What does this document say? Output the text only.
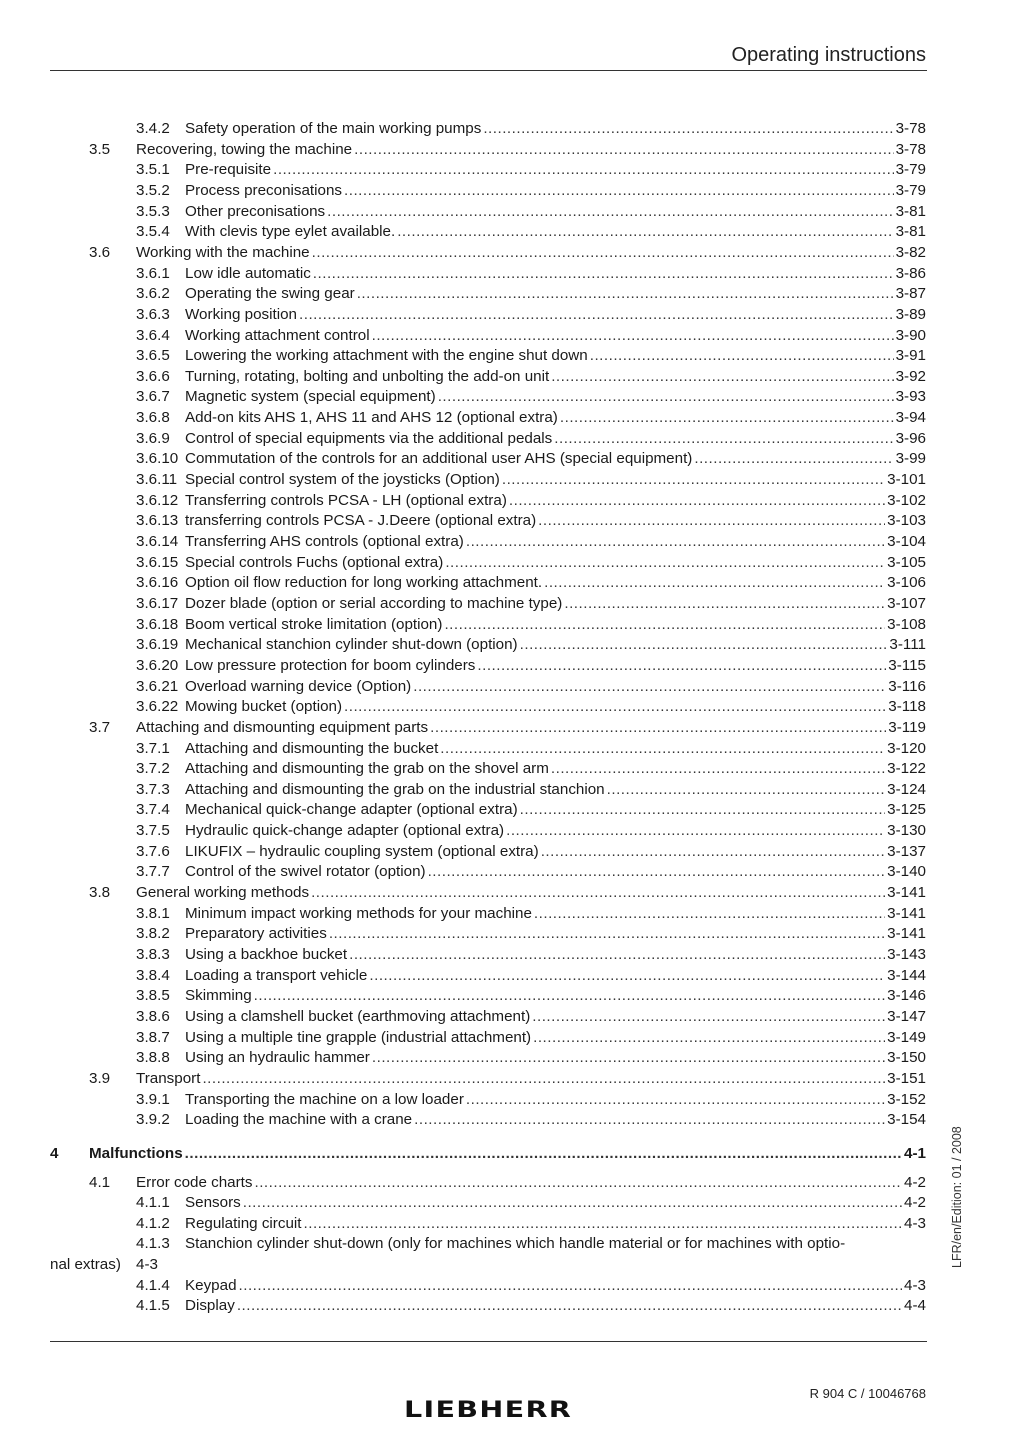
Operating instructions
3.4.2 Safety operation of the main working pumps .....	3-78
3.5 Recovering, towing the machine .....	3-78
3.5.1 Pre-requisite .....	3-79
3.5.2 Process preconisations .....	3-79
3.5.3 Other preconisations .....	3-81
3.5.4 With clevis type eylet available. .....	3-81
3.6 Working with the machine .....	3-82
3.6.1 Low idle automatic .....	3-86
3.6.2 Operating the swing gear .....	3-87
3.6.3 Working position .....	3-89
3.6.4 Working attachment control .....	3-90
3.6.5 Lowering the working attachment with the engine shut down .....	3-91
3.6.6 Turning, rotating, bolting and unbolting the add-on unit .....	3-92
3.6.7 Magnetic system (special equipment) .....	3-93
3.6.8 Add-on kits AHS 1, AHS 11 and AHS 12 (optional extra) .....	3-94
3.6.9 Control of special equipments via the additional pedals .....	3-96
3.6.10 Commutation of the controls for an additional user AHS (special equipment) .....	3-99
3.6.11 Special control system of the joysticks (Option) .....	3-101
3.6.12 Transferring controls PCSA - LH (optional extra) .....	3-102
3.6.13 transferring controls PCSA - J.Deere (optional extra) .....	3-103
3.6.14 Transferring AHS controls (optional extra) .....	3-104
3.6.15 Special controls Fuchs (optional extra) .....	3-105
3.6.16 Option oil flow reduction for long working attachment. .....	3-106
3.6.17 Dozer blade (option or serial according to machine type) .....	3-107
3.6.18 Boom vertical stroke limitation (option) .....	3-108
3.6.19 Mechanical stanchion cylinder shut-down (option) .....	3-111
3.6.20 Low pressure protection for boom cylinders .....	3-115
3.6.21 Overload warning device (Option) .....	3-116
3.6.22 Mowing bucket (option) .....	3-118
3.7 Attaching and dismounting equipment parts .....	3-119
3.7.1 Attaching and dismounting the bucket .....	3-120
3.7.2 Attaching and dismounting the grab on the shovel arm .....	3-122
3.7.3 Attaching and dismounting the grab on the industrial stanchion .....	3-124
3.7.4 Mechanical quick-change adapter (optional extra) .....	3-125
3.7.5 Hydraulic quick-change adapter (optional extra) .....	3-130
3.7.6 LIKUFIX – hydraulic coupling system (optional extra) .....	3-137
3.7.7 Control of the swivel rotator (option) .....	3-140
3.8 General working methods .....	3-141
3.8.1 Minimum impact working methods for your machine .....	3-141
3.8.2 Preparatory activities .....	3-141
3.8.3 Using a backhoe bucket .....	3-143
3.8.4 Loading a transport vehicle .....	3-144
3.8.5 Skimming .....	3-146
3.8.6 Using a clamshell bucket (earthmoving attachment) .....	3-147
3.8.7 Using a multiple tine grapple (industrial attachment) .....	3-149
3.8.8 Using an hydraulic hammer .....	3-150
3.9 Transport .....	3-151
3.9.1 Transporting the machine on a low loader .....	3-152
3.9.2 Loading the machine with a crane .....	3-154
4 Malfunctions .....	4-1
4.1 Error code charts .....	4-2
4.1.1 Sensors .....	4-2
4.1.2 Regulating circuit .....	4-3
4.1.3 Stanchion cylinder shut-down (only for machines which handle material or for machines with optio-
nal extras) 4-3
4.1.4 Keypad .....	4-3
4.1.5 Display .....	4-4
LFR/en/Edition: 01 / 2008
LIEBHERR
R 904 C / 10046768
